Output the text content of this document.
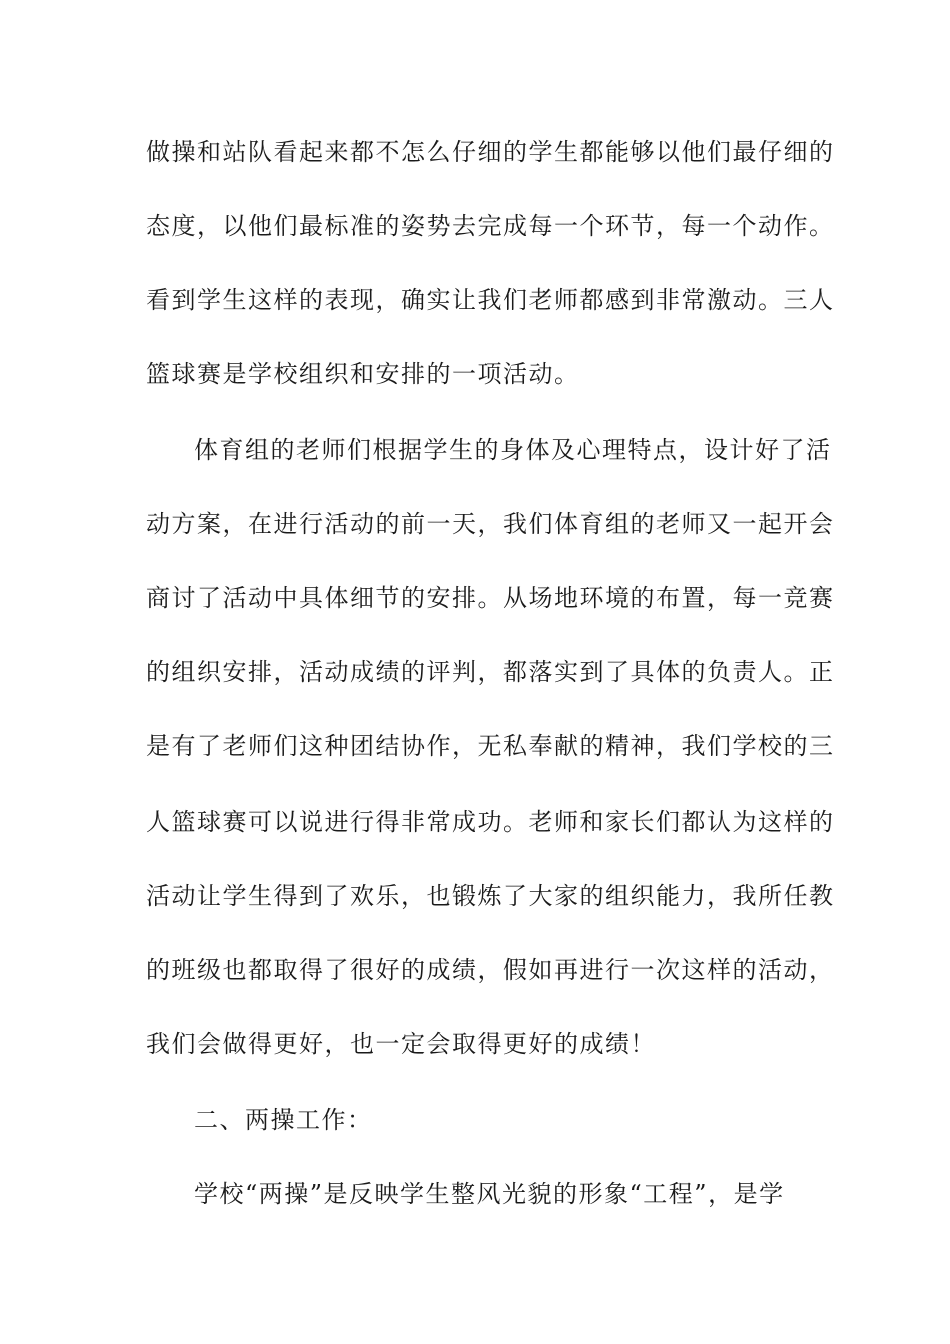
做操和站队看起来都不怎么仔细的学生都能够以他们最仔细的
态度，以他们最标准的姿势去完成每一个环节，每一个动作。
看到学生这样的表现，确实让我们老师都感到非常激动。三人
篮球赛是学校组织和安排的一项活动。
体育组的老师们根据学生的身体及心理特点，设计好了活
动方案，在进行活动的前一天，我们体育组的老师又一起开会
商讨了活动中具体细节的安排。从场地环境的布置，每一竞赛
的组织安排，活动成绩的评判，都落实到了具体的负责人。正
是有了老师们这种团结协作，无私奉献的精神，我们学校的三
人篮球赛可以说进行得非常成功。老师和家长们都认为这样的
活动让学生得到了欢乐，也锻炼了大家的组织能力，我所任教
的班级也都取得了很好的成绩，假如再进行一次这样的活动，
我们会做得更好，也一定会取得更好的成绩！
二、两操工作：
学校“两操”是反映学生整风光貌的形象“工程”，是学
